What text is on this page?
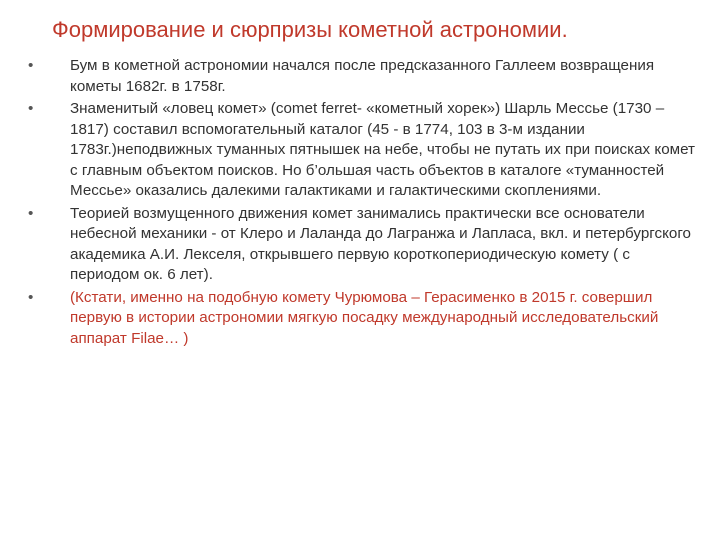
Формирование и сюрпризы кометной астрономии.
•	Бум в кометной астрономии начался после предсказанного Галлеем возвращения кометы 1682г. в 1758г.
•	Знаменитый «ловец комет» (comet ferret- «кометный хорек») Шарль Мессье (1730 – 1817) составил вспомогательный каталог (45 - в 1774, 103 в 3-м издании 1783г.)неподвижных туманных пятнышек на небе, чтобы не путать их при поисках комет с главным объектом поисков. Но б’ольшая часть объектов в каталоге «туманностей Мессье» оказались далекими галактиками и галактическими скоплениями.
•	Теорией возмущенного движения комет занимались практически все основатели небесной механики - от Клеро и Лаланда до Лагранжа и Лапласа, вкл. и петербургского академика А.И. Лекселя, открывшего первую короткопериодическую комету ( с периодом ок. 6 лет).
•	(Кстати, именно на подобную комету Чурюмова – Герасименко в 2015 г. совершил первую в истории астрономии мягкую посадку международный исследовательский аппарат Filae… )
